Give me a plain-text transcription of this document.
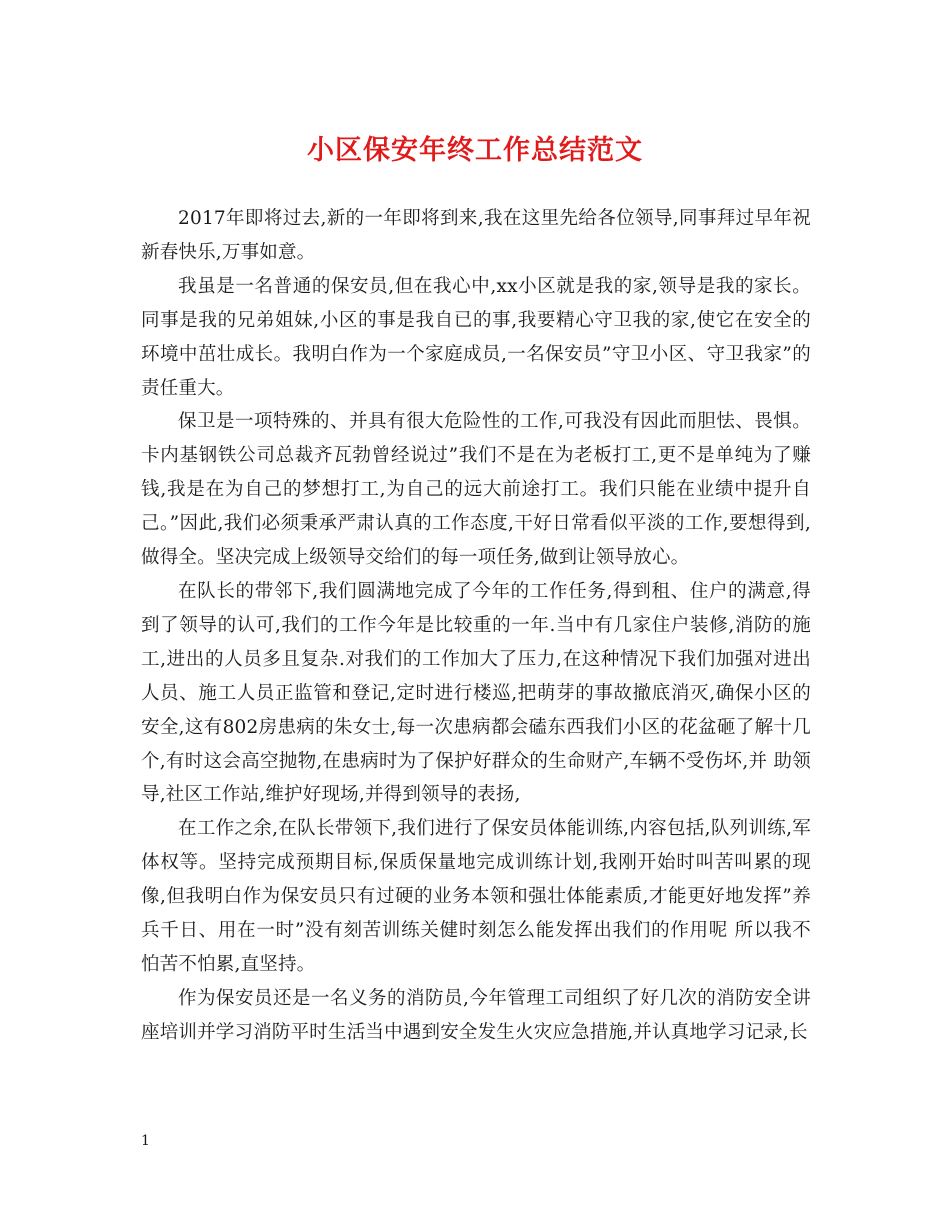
小区保安年终工作总结范文

2017年即将过去,新的一年即将到来,我在这里先给各位领导,同事拜过早年祝新春快乐,万事如意。

我虽是一名普通的保安员,但在我心中,xx小区就是我的家,领导是我的家长。同事是我的兄弟姐妹,小区的事是我自已的事,我要精心守卫我的家,使它在安全的环境中茁壮成长。我明白作为一个家庭成员,一名保安员”守卫小区、守卫我家”的责任重大。

保卫是一项特殊的、并具有很大危险性的工作,可我没有因此而胆怯、畏惧。卡内基钢铁公司总裁齐瓦勃曾经说过”我们不是在为老板打工,更不是单纯为了赚钱,我是在为自己的梦想打工,为自己的远大前途打工。我们只能在业绩中提升自己。”因此,我们必须秉承严肃认真的工作态度,干好日常看似平淡的工作,要想得到,做得全。坚决完成上级领导交给们的每一项任务,做到让领导放心。

在队长的带邻下,我们圆满地完成了今年的工作任务,得到租、住户的满意,得到了领导的认可,我们的工作今年是比较重的一年.当中有几家住户装修,消防的施工,进出的人员多且复杂.对我们的工作加大了压力,在这种情况下我们加强对进出人员、施工人员正监管和登记,定时进行楼巡,把萌芽的事故撤底消灭,确保小区的安全,这有802房患病的朱女士,每一次患病都会磕东西我们小区的花盆砸了解十几个,有时这会高空抛物,在患病时为了保护好群众的生命财产,车辆不受伤坏,并 助领导,社区工作站,维护好现场,并得到领导的表扬,

在工作之余,在队长带领下,我们进行了保安员体能训练,内容包括,队列训练,军体权等。坚持完成预期目标,保质保量地完成训练计划,我刚开始时叫苦叫累的现像,但我明白作为保安员只有过硬的业务本领和强壮体能素质,才能更好地发挥”养兵千日、用在一时”没有刻苦训练关健时刻怎么能发挥出我们的作用呢 所以我不怕苦不怕累,直坚持。

作为保安员还是一名义务的消防员,今年管理工司组织了好几次的消防安全讲座培训并学习消防平时生活当中遇到安全发生火灾应急措施,并认真地学习记录,长

1
